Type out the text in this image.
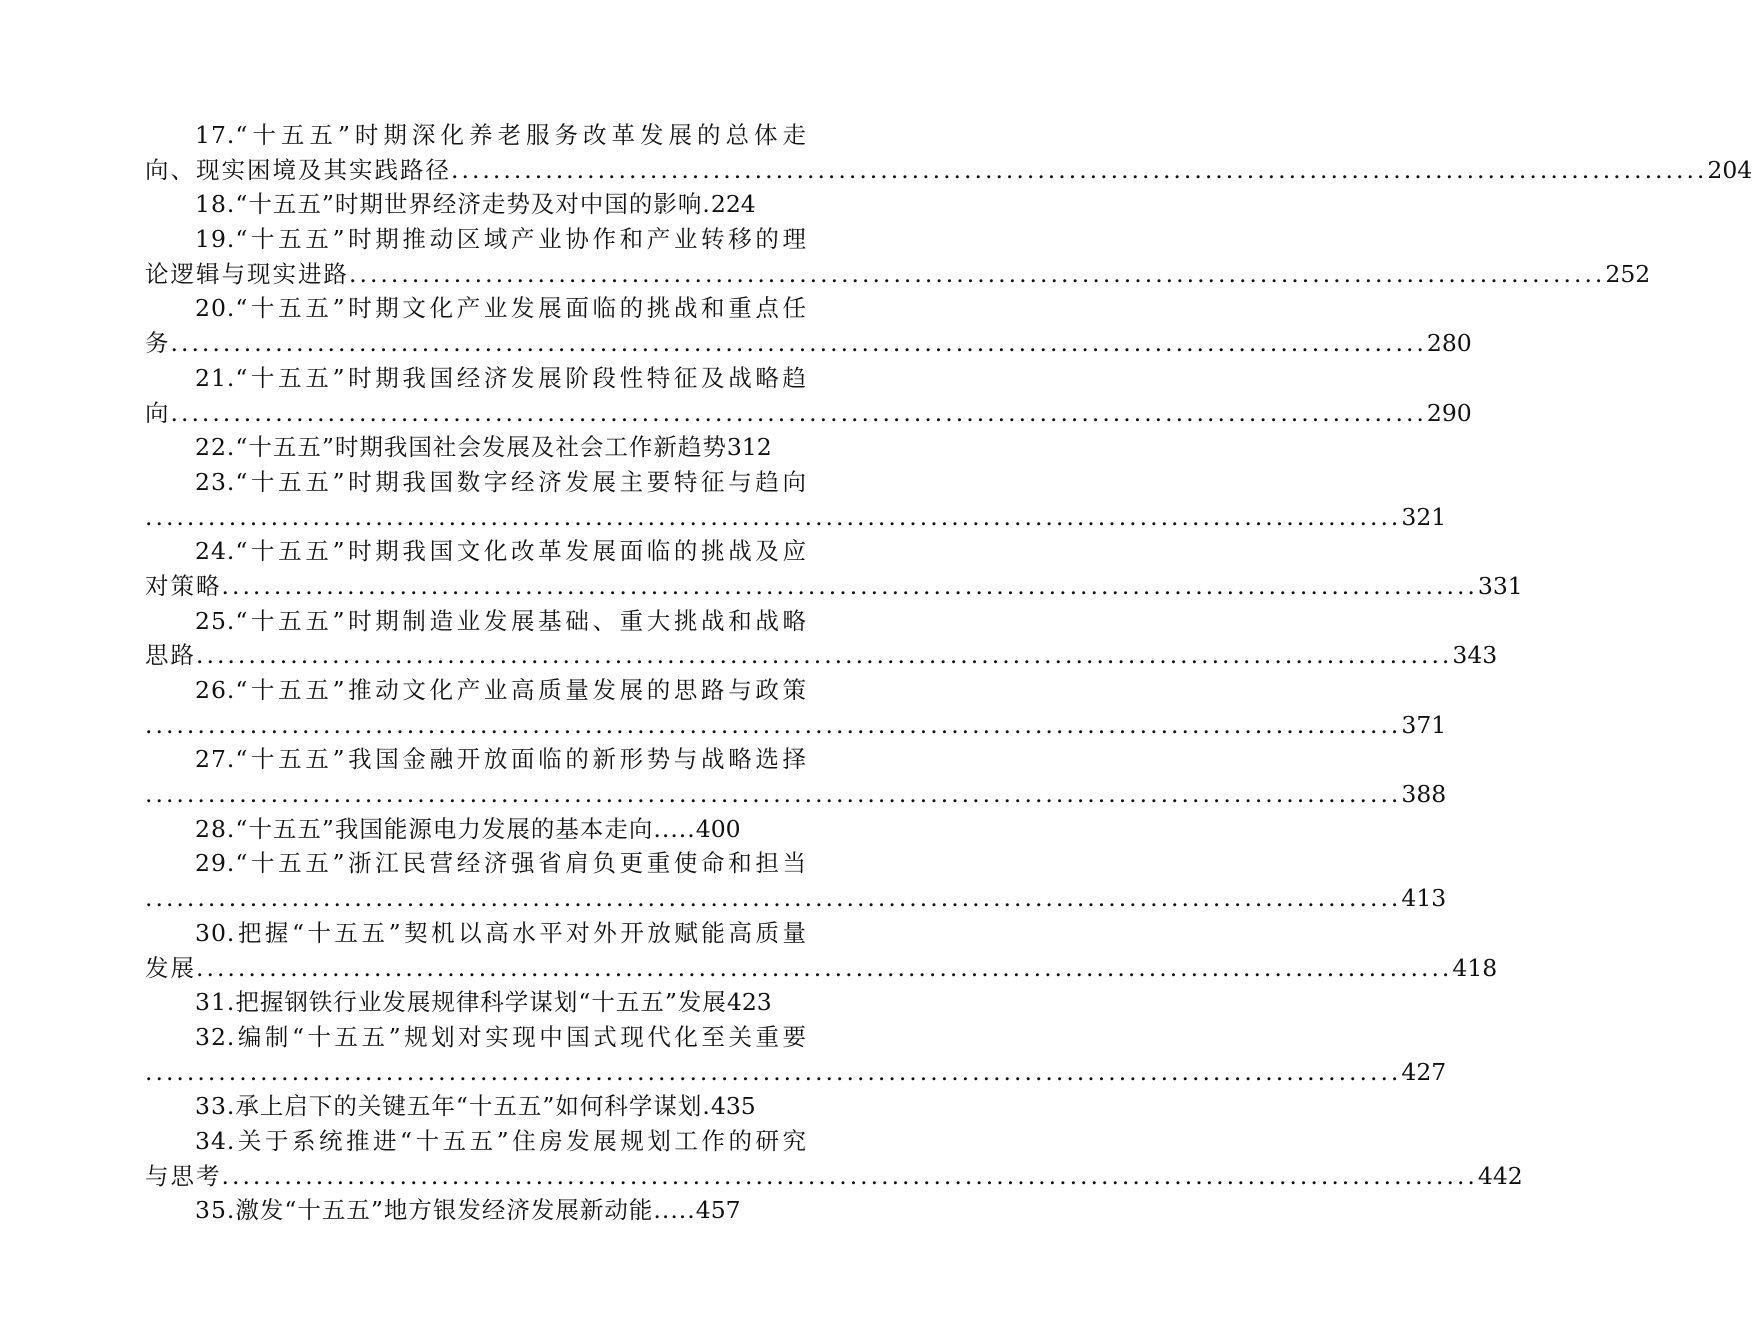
17.“十五五”时期深化养老服务改革发展的总体走
向、现实困境及其实践路径 ........................................................................................................................ 204
18.“十五五”时期世界经济走势及对中国的影响. 224
19.“十五五”时期推动区域产业协作和产业转移的理
论逻辑与现实进路 ........................................................................................................................ 252
20.“十五五”时期文化产业发展面临的挑战和重点任
务 ........................................................................................................................ 280
21.“十五五”时期我国经济发展阶段性特征及战略趋
向 ........................................................................................................................ 290
22.“十五五”时期我国社会发展及社会工作新趋势 312
23.“十五五”时期我国数字经济发展主要特征与趋向
........................................................................................................................ 321
24.“十五五”时期我国文化改革发展面临的挑战及应
对策略 ........................................................................................................................ 331
25.“十五五”时期制造业发展基础、重大挑战和战略
思路 ........................................................................................................................ 343
26.“十五五”推动文化产业高质量发展的思路与政策
........................................................................................................................ 371
27.“十五五”我国金融开放面临的新形势与战略选择
........................................................................................................................ 388
28.“十五五”我国能源电力发展的基本走向..... 400
29.“十五五”浙江民营经济强省肩负更重使命和担当
........................................................................................................................ 413
30.把握“十五五”契机以高水平对外开放赋能高质量
发展 ........................................................................................................................ 418
31.把握钢铁行业发展规律科学谋划“十五五”发展 423
32.编制“十五五”规划对实现中国式现代化至关重要
........................................................................................................................ 427
33.承上启下的关键五年“十五五”如何科学谋划. 435
34.关于系统推进“十五五”住房发展规划工作的研究
与思考 ........................................................................................................................ 442
35.激发“十五五”地方银发经济发展新动能..... 457
